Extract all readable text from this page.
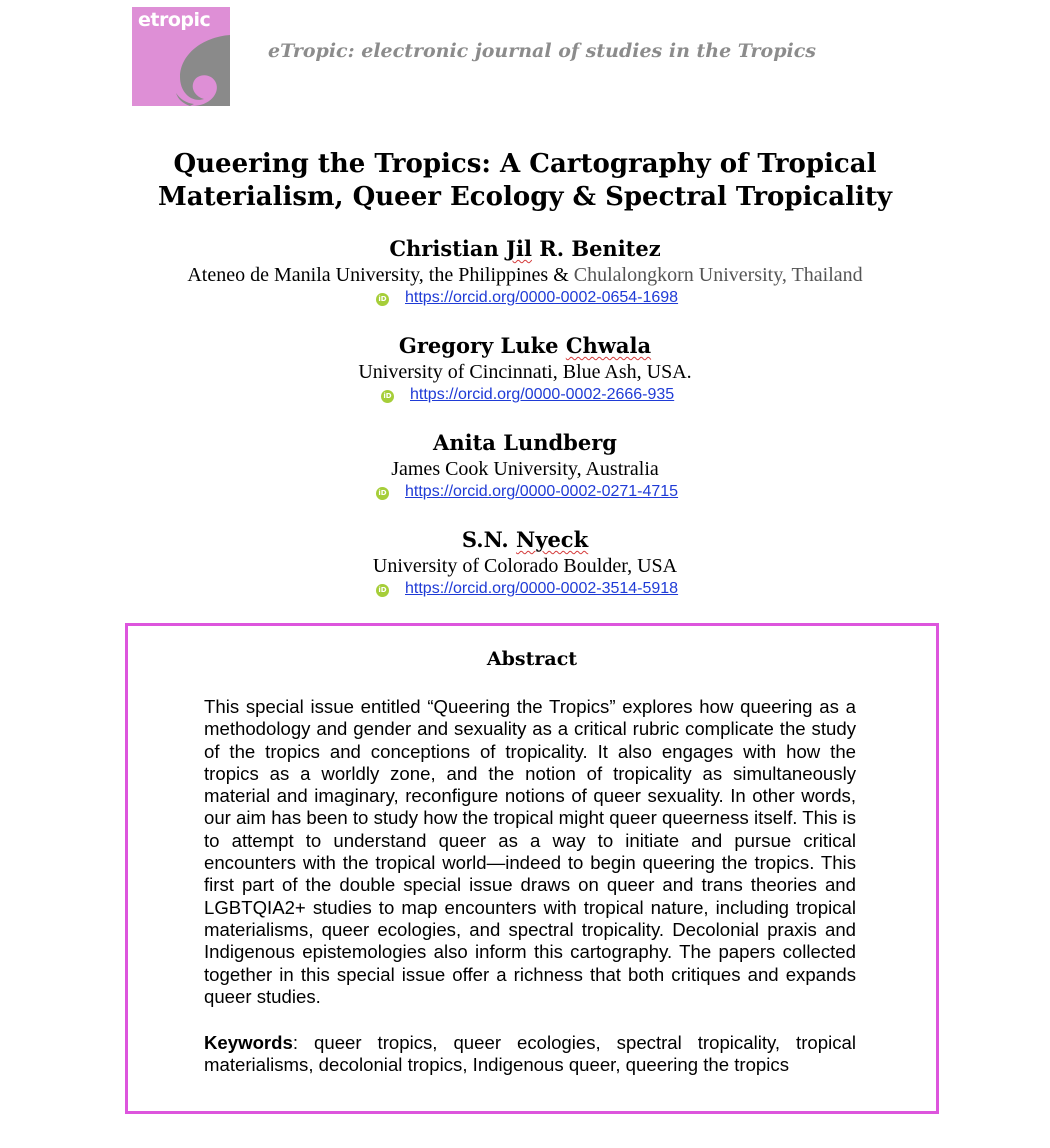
etropic
eTropic: electronic journal of studies in the Tropics
Queering the Tropics: A Cartography of Tropical
Materialism, Queer Ecology & Spectral Tropicality
Christian Jil R. Benitez
Ateneo de Manila University, the Philippines & Chulalongkorn University, Thailand
iD https://orcid.org/0000-0002-0654-1698
Gregory Luke Chwala
University of Cincinnati, Blue Ash, USA.
iD https://orcid.org/0000-0002-2666-935
Anita Lundberg
James Cook University, Australia
iD https://orcid.org/0000-0002-0271-4715
S.N. Nyeck
University of Colorado Boulder, USA
iD https://orcid.org/0000-0002-3514-5918
Abstract
This special issue entitled “Queering the Tropics” explores how queering as a methodology and gender and sexuality as a critical rubric complicate the study of the tropics and conceptions of tropicality. It also engages with how the tropics as a worldly zone, and the notion of tropicality as simultaneously material and imaginary, reconfigure notions of queer sexuality. In other words, our aim has been to study how the tropical might queer queerness itself. This is to attempt to understand queer as a way to initiate and pursue critical encounters with the tropical world—indeed to begin queering the tropics. This first part of the double special issue draws on queer and trans theories and LGBTQIA2+ studies to map encounters with tropical nature, including tropical materialisms, queer ecologies, and spectral tropicality. Decolonial praxis and Indigenous epistemologies also inform this cartography. The papers collected together in this special issue offer a richness that both critiques and expands queer studies.
Keywords: queer tropics, queer ecologies, spectral tropicality, tropical materialisms, decolonial tropics, Indigenous queer, queering the tropics
